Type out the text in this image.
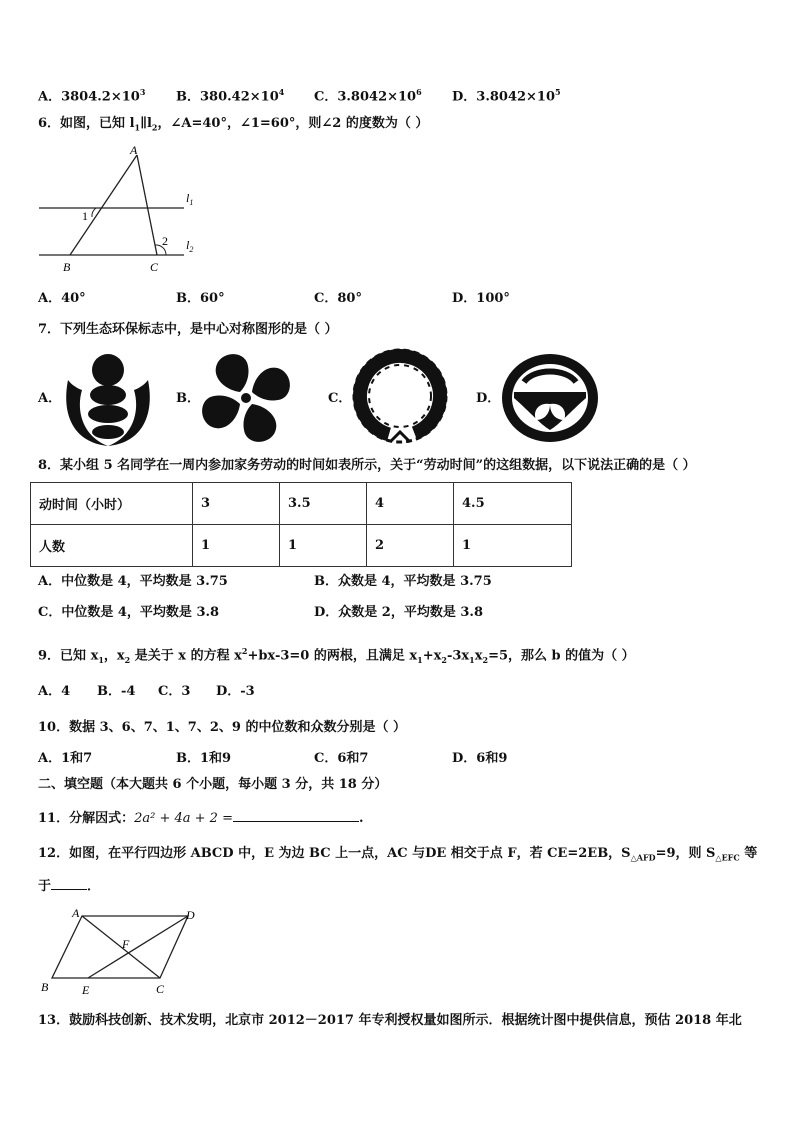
A．$3804.2\times 10^3$ B．$380.42\times 10^4$ C．$3.8042\times 10^6$ D．$3.8042\times 10^5$
6．如图，已知 $l_1\parallel l_2$，∠A=40°，∠1=60°，则∠2 的度数为（ ）
A
B	C
1
2
$l_1$
$l_2$
A．40°	B．60°	C．80°	D．100°
7．下列生态环保标志中，是中心对称图形的是（ ）
A．	B．	C．	D．
8．某小组 5 名同学在一周内参加家务劳动的时间如表所示，关于“劳动时间”的这组数据，以下说法正确的是（ ）
动时间（小时）	3	3.5	4	4.5
人数	1	1	2	1
A．中位数是 4，平均数是 3.75	B．众数是 4，平均数是 3.75
C．中位数是 4，平均数是 3.8	D．众数是 2，平均数是 3.8
9．已知 $x_1$，$x_2$ 是关于 x 的方程 $x^2+bx-3=0$ 的两根，且满足 $x_1+x_2-3x_1x_2=5$，那么 b 的值为（ ）
A．4 B．-4 C．3 D．-3
10．数据 3、6、7、1、7、2、9 的中位数和众数分别是（ ）
A．1和7	B．1和9	C．6和7	D．6和9
二、填空题（本大题共 6 个小题，每小题 3 分，共 18 分）
11．分解因式：2a² + 4a + 2 =	.
12．如图，在平行四边形 ABCD 中，E 为边 BC 上一点，AC 与DE 相交于点 F，若 CE=2EB，$S_{\triangle AFD}=9$，则 $S_{\triangle EFC}$ 等
于	．
A	D
B	E	C
F
13．鼓励科技创新、技术发明，北京市 2012－2017 年专利授权量如图所示．根据统计图中提供信息，预估 2018 年北
